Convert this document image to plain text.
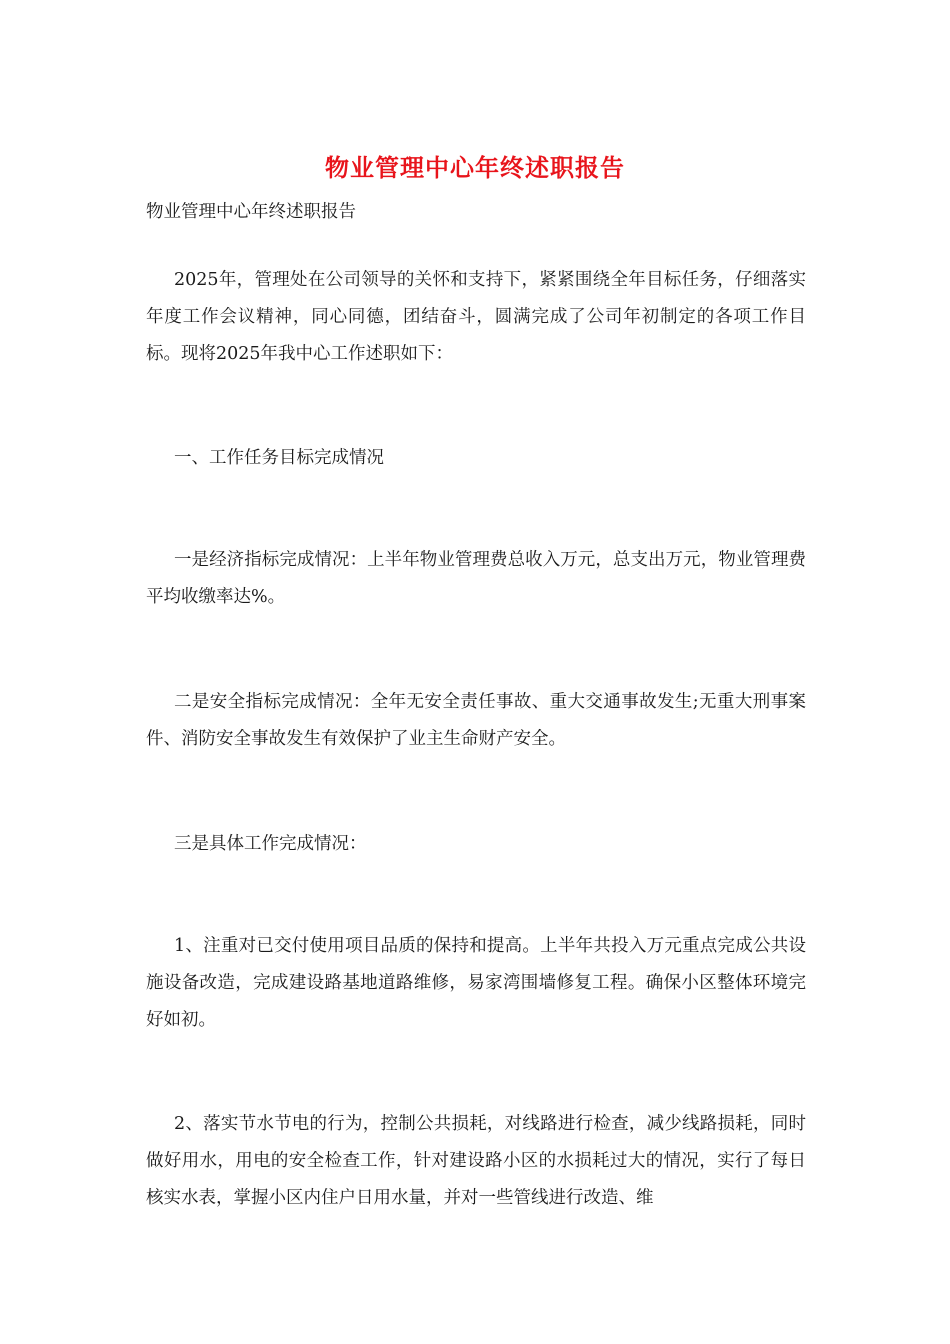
物业管理中心年终述职报告
物业管理中心年终述职报告
2025年，管理处在公司领导的关怀和支持下，紧紧围绕全年目标任务，仔细落实年度工作会议精神，同心同德，团结奋斗，圆满完成了公司年初制定的各项工作目标。现将2025年我中心工作述职如下：
一、工作任务目标完成情况
一是经济指标完成情况：上半年物业管理费总收入万元，总支出万元，物业管理费平均收缴率达%。
二是安全指标完成情况：全年无安全责任事故、重大交通事故发生;无重大刑事案件、消防安全事故发生有效保护了业主生命财产安全。
三是具体工作完成情况：
1、注重对已交付使用项目品质的保持和提高。上半年共投入万元重点完成公共设施设备改造，完成建设路基地道路维修，易家湾围墙修复工程。确保小区整体环境完好如初。
2、落实节水节电的行为，控制公共损耗，对线路进行检查，减少线路损耗，同时做好用水，用电的安全检查工作，针对建设路小区的水损耗过大的情况，实行了每日核实水表，掌握小区内住户日用水量，并对一些管线进行改造、维
